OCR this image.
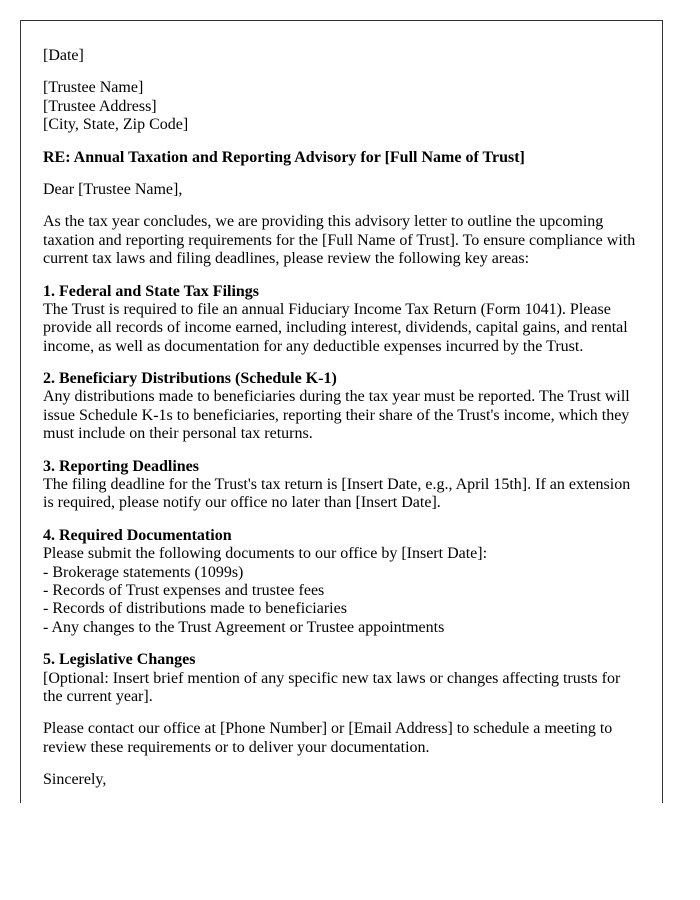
[Date]

[Trustee Name]
[Trustee Address]
[City, State, Zip Code]

RE: Annual Taxation and Reporting Advisory for [Full Name of Trust]

Dear [Trustee Name],

As the tax year concludes, we are providing this advisory letter to outline the upcoming taxation and reporting requirements for the [Full Name of Trust]. To ensure compliance with current tax laws and filing deadlines, please review the following key areas:

1. Federal and State Tax Filings
The Trust is required to file an annual Fiduciary Income Tax Return (Form 1041). Please provide all records of income earned, including interest, dividends, capital gains, and rental income, as well as documentation for any deductible expenses incurred by the Trust.

2. Beneficiary Distributions (Schedule K-1)
Any distributions made to beneficiaries during the tax year must be reported. The Trust will issue Schedule K-1s to beneficiaries, reporting their share of the Trust's income, which they must include on their personal tax returns.

3. Reporting Deadlines
The filing deadline for the Trust's tax return is [Insert Date, e.g., April 15th]. If an extension is required, please notify our office no later than [Insert Date].

4. Required Documentation
Please submit the following documents to our office by [Insert Date]:
- Brokerage statements (1099s)
- Records of Trust expenses and trustee fees
- Records of distributions made to beneficiaries
- Any changes to the Trust Agreement or Trustee appointments

5. Legislative Changes
[Optional: Insert brief mention of any specific new tax laws or changes affecting trusts for the current year].

Please contact our office at [Phone Number] or [Email Address] to schedule a meeting to review these requirements or to deliver your documentation.

Sincerely,
